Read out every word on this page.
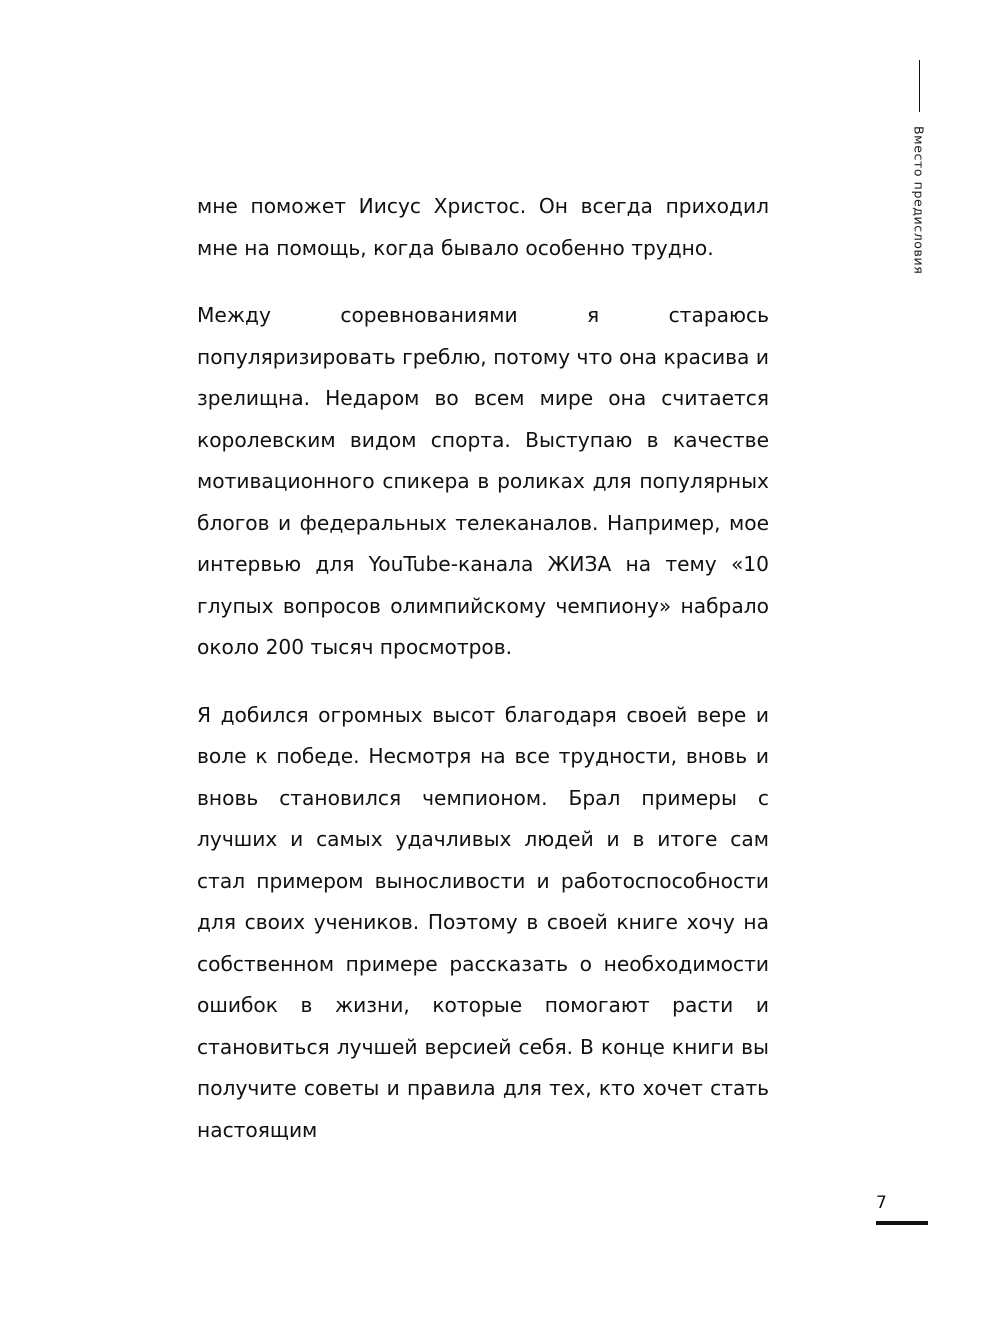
Вместо предисловия

мне поможет Иисус Христос. Он всегда приходил мне на помощь, когда бывало особенно трудно.

Между соревнованиями я стараюсь популяризировать греблю, потому что она красива и зрелищна. Недаром во всем мире она считается королевским видом спорта. Выступаю в качестве мотивационного спикера в роликах для популярных блогов и федеральных телеканалов. Например, мое интервью для YouTube-канала ЖИЗА на тему «10 глупых вопросов олимпийскому чемпиону» набрало около 200 тысяч просмотров.

Я добился огромных высот благодаря своей вере и воле к победе. Несмотря на все трудности, вновь и вновь становился чемпионом. Брал примеры с лучших и самых удачливых людей и в итоге сам стал примером выносливости и работоспособности для своих учеников. Поэтому в своей книге хочу на собственном примере рассказать о необходимости ошибок в жизни, которые помогают расти и становиться лучшей версией себя. В конце книги вы получите советы и правила для тех, кто хочет стать настоящим

7
